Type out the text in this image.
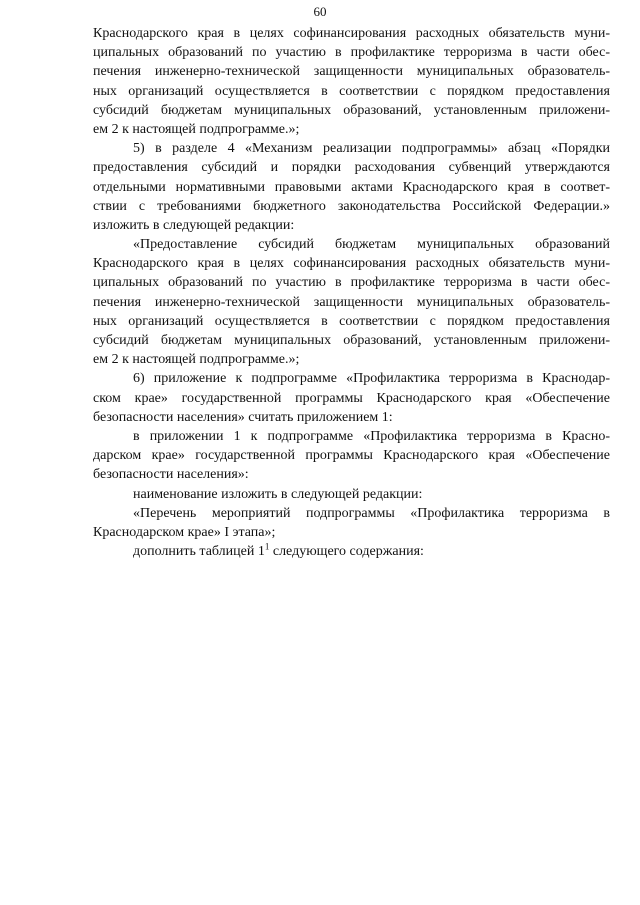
60
Краснодарского края в целях софинансирования расходных обязательств муни-
ципальных образований по участию в профилактике терроризма в части обес-
печения инженерно-технической защищенности муниципальных образователь-
ных организаций осуществляется в соответствии с порядком предоставления
субсидий бюджетам муниципальных образований, установленным приложени-
ем 2 к настоящей подпрограмме.»;
5) в разделе 4 «Механизм реализации подпрограммы» абзац «Порядки
предоставления субсидий и порядки расходования субвенций утверждаются
отдельными нормативными правовыми актами Краснодарского края в соответ-
ствии с требованиями бюджетного законодательства Российской Федерации.»
изложить в следующей редакции:
«Предоставление субсидий бюджетам муниципальных образований
Краснодарского края в целях софинансирования расходных обязательств муни-
ципальных образований по участию в профилактике терроризма в части обес-
печения инженерно-технической защищенности муниципальных образователь-
ных организаций осуществляется в соответствии с порядком предоставления
субсидий бюджетам муниципальных образований, установленным приложени-
ем 2 к настоящей подпрограмме.»;
6) приложение к подпрограмме «Профилактика терроризма в Краснодар-
ском крае» государственной программы Краснодарского края «Обеспечение
безопасности населения» считать приложением 1:
в приложении 1 к подпрограмме «Профилактика терроризма в Красно-
дарском крае» государственной программы Краснодарского края «Обеспечение
безопасности населения»:
наименование изложить в следующей редакции:
«Перечень мероприятий подпрограммы «Профилактика терроризма в
Краснодарском крае» I этапа»;
дополнить таблицей $1^1$ следующего содержания:
